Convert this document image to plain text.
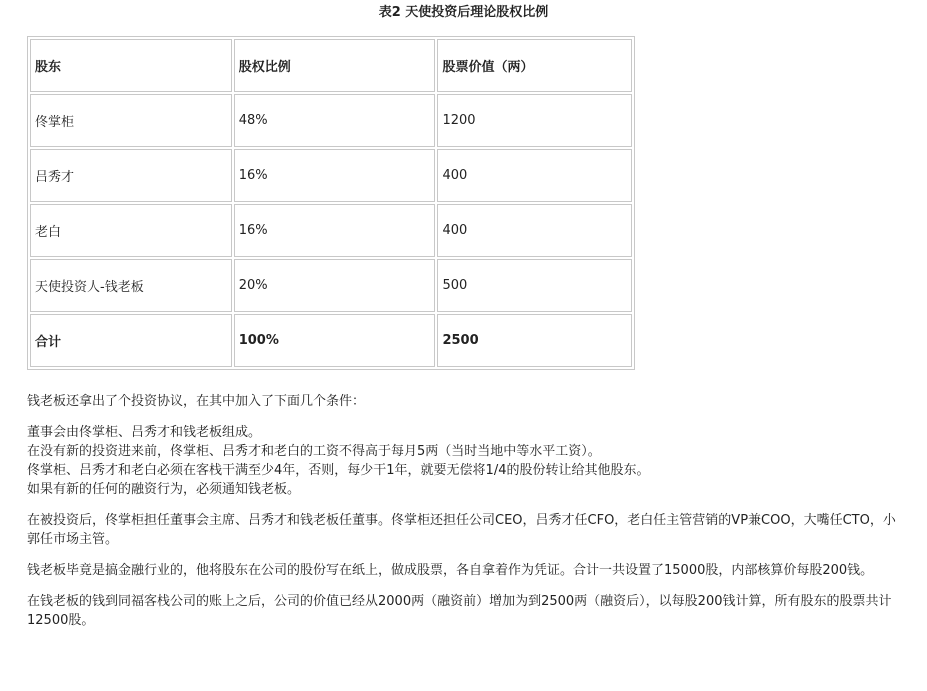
表2 天使投资后理论股权比例
股东	股权比例	股票价值（两）
佟掌柜	48%	1200
吕秀才	16%	400
老白	16%	400
天使投资人-钱老板	20%	500
合计	100%	2500

钱老板还拿出了个投资协议，在其中加入了下面几个条件：

董事会由佟掌柜、吕秀才和钱老板组成。
在没有新的投资进来前，佟掌柜、吕秀才和老白的工资不得高于每月5两（当时当地中等水平工资）。
佟掌柜、吕秀才和老白必须在客栈干满至少4年，否则，每少干1年，就要无偿将1/4的股份转让给其他股东。
如果有新的任何的融资行为，必须通知钱老板。

在被投资后，佟掌柜担任董事会主席、吕秀才和钱老板任董事。佟掌柜还担任公司CEO，吕秀才任CFO，老白任主管营销的VP兼COO，大嘴任CTO，小郭任市场主管。

钱老板毕竟是搞金融行业的，他将股东在公司的股份写在纸上，做成股票，各自拿着作为凭证。合计一共设置了15000股，内部核算价每股200钱。

在钱老板的钱到同福客栈公司的账上之后，公司的价值已经从2000两（融资前）增加为到2500两（融资后），以每股200钱计算，所有股东的股票共计12500股。
